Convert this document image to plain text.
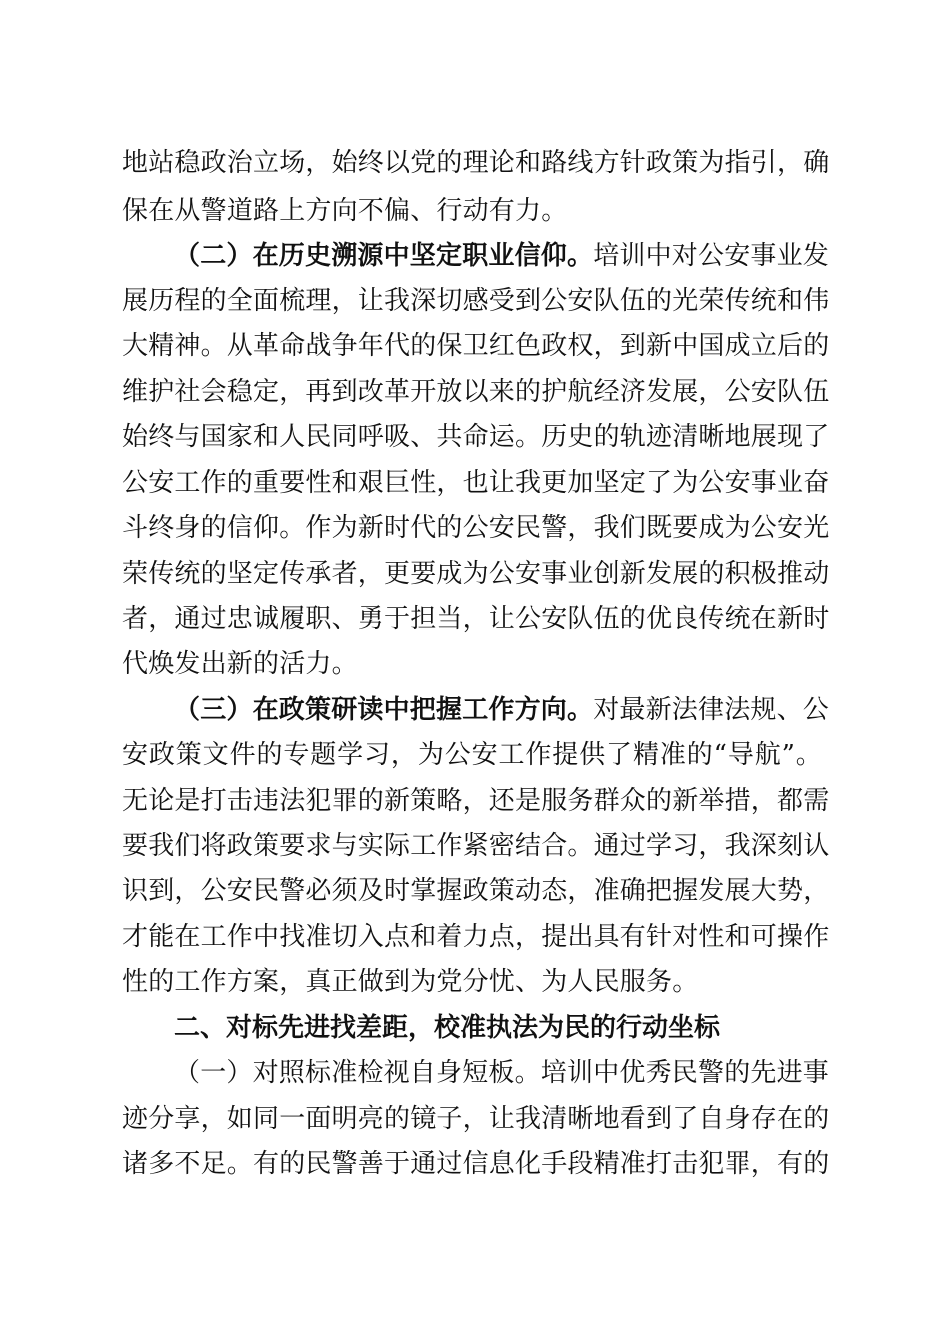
地站稳政治立场，始终以党的理论和路线方针政策为指引，确
保在从警道路上方向不偏、行动有力。
（二）在历史溯源中坚定职业信仰。培训中对公安事业发
展历程的全面梳理，让我深切感受到公安队伍的光荣传统和伟
大精神。从革命战争年代的保卫红色政权，到新中国成立后的
维护社会稳定，再到改革开放以来的护航经济发展，公安队伍
始终与国家和人民同呼吸、共命运。历史的轨迹清晰地展现了
公安工作的重要性和艰巨性，也让我更加坚定了为公安事业奋
斗终身的信仰。作为新时代的公安民警，我们既要成为公安光
荣传统的坚定传承者，更要成为公安事业创新发展的积极推动
者，通过忠诚履职、勇于担当，让公安队伍的优良传统在新时
代焕发出新的活力。
（三）在政策研读中把握工作方向。对最新法律法规、公
安政策文件的专题学习，为公安工作提供了精准的“导航”。
无论是打击违法犯罪的新策略，还是服务群众的新举措，都需
要我们将政策要求与实际工作紧密结合。通过学习，我深刻认
识到，公安民警必须及时掌握政策动态，准确把握发展大势，
才能在工作中找准切入点和着力点，提出具有针对性和可操作
性的工作方案，真正做到为党分忧、为人民服务。
二、对标先进找差距，校准执法为民的行动坐标
（一）对照标准检视自身短板。培训中优秀民警的先进事
迹分享，如同一面明亮的镜子，让我清晰地看到了自身存在的
诸多不足。有的民警善于通过信息化手段精准打击犯罪，有的
